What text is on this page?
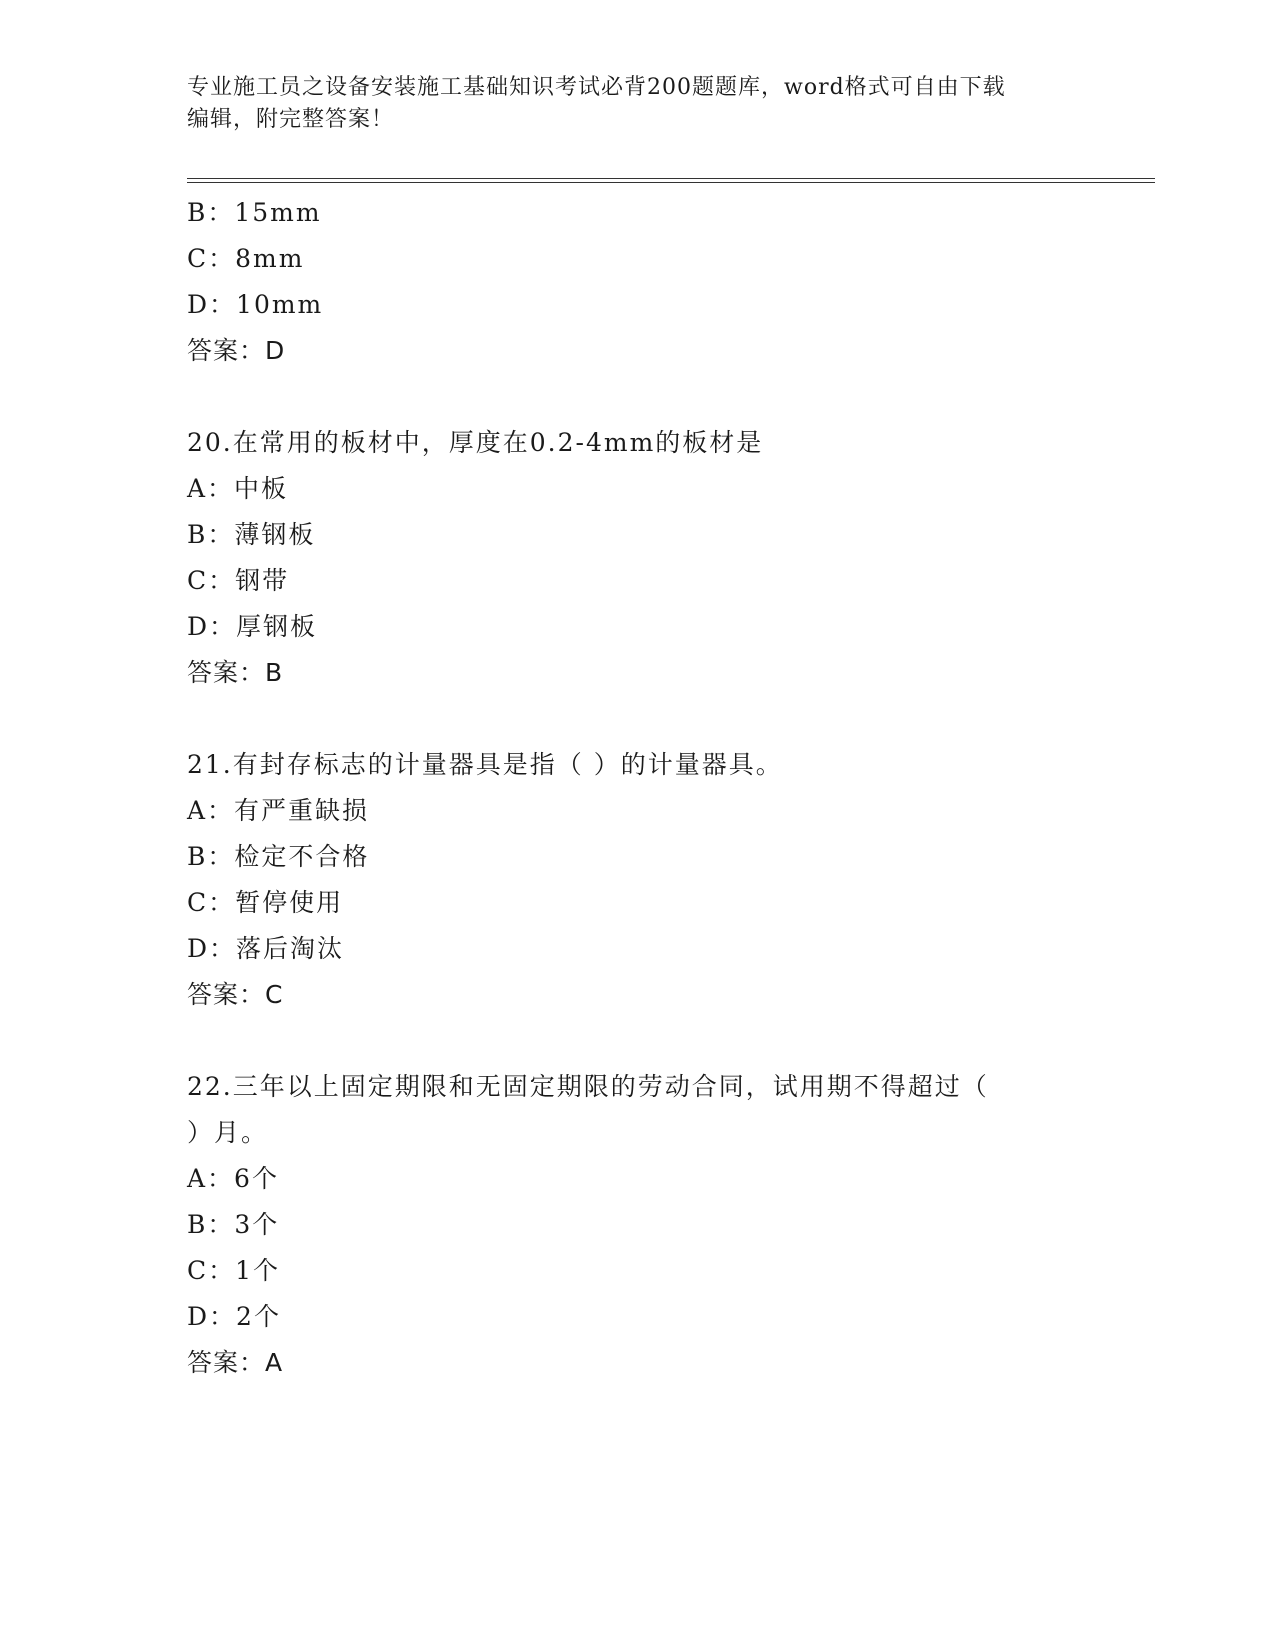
专业施工员之设备安装施工基础知识考试必背200题题库，word格式可自由下载
编辑，附完整答案！
B：15mm
C：8mm
D：10mm
答案：D
20.在常用的板材中，厚度在0.2-4mm的板材是
A：中板
B：薄钢板
C：钢带
D：厚钢板
答案：B
21.有封存标志的计量器具是指（ ）的计量器具。
A：有严重缺损
B：检定不合格
C：暂停使用
D：落后淘汰
答案：C
22.三年以上固定期限和无固定期限的劳动合同，试用期不得超过（
）月。
A：6个
B：3个
C：1个
D：2个
答案：A
